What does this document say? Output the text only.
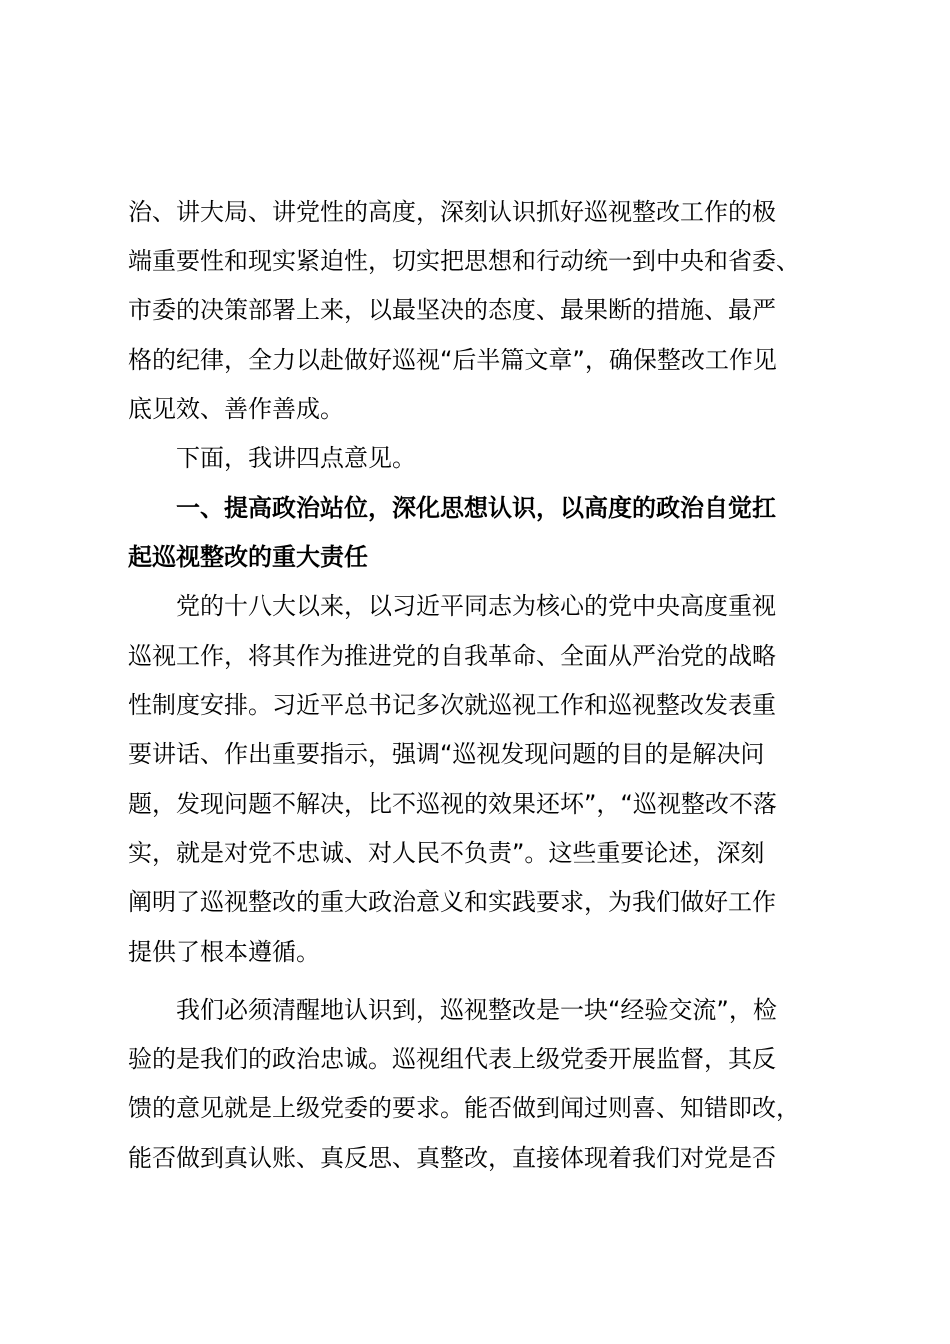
治、讲大局、讲党性的高度，深刻认识抓好巡视整改工作的极
端重要性和现实紧迫性，切实把思想和行动统一到中央和省委、
市委的决策部署上来，以最坚决的态度、最果断的措施、最严
格的纪律，全力以赴做好巡视“后半篇文章”，确保整改工作见
底见效、善作善成。
下面，我讲四点意见。
一、提高政治站位，深化思想认识，以高度的政治自觉扛
起巡视整改的重大责任
党的十八大以来，以习近平同志为核心的党中央高度重视
巡视工作，将其作为推进党的自我革命、全面从严治党的战略
性制度安排。习近平总书记多次就巡视工作和巡视整改发表重
要讲话、作出重要指示，强调“巡视发现问题的目的是解决问
题，发现问题不解决，比不巡视的效果还坏”，“巡视整改不落
实，就是对党不忠诚、对人民不负责”。这些重要论述，深刻
阐明了巡视整改的重大政治意义和实践要求，为我们做好工作
提供了根本遵循。
我们必须清醒地认识到，巡视整改是一块“经验交流”，检
验的是我们的政治忠诚。巡视组代表上级党委开展监督，其反
馈的意见就是上级党委的要求。能否做到闻过则喜、知错即改，
能否做到真认账、真反思、真整改，直接体现着我们对党是否
